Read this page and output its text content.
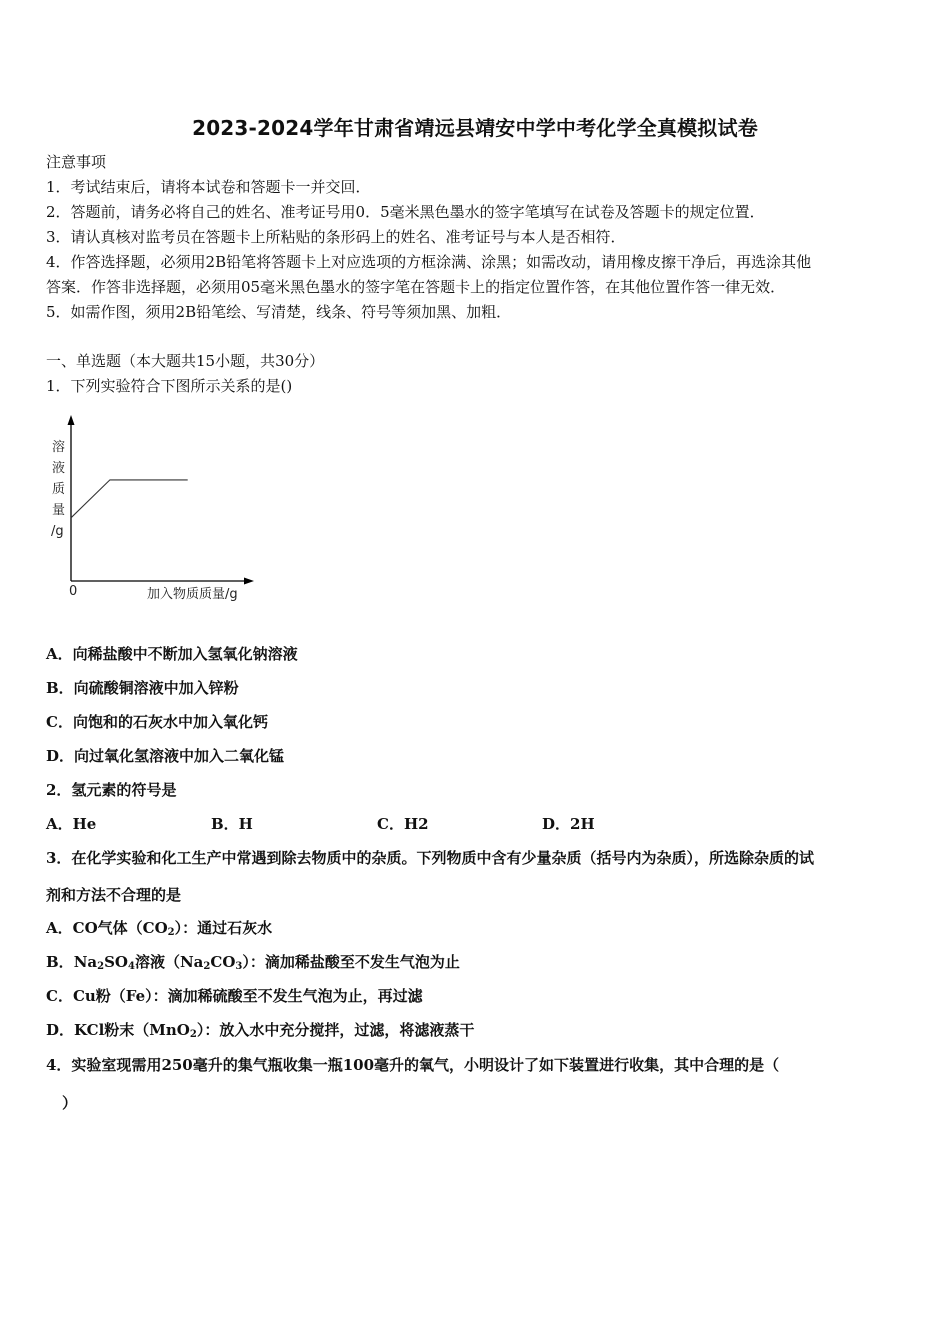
2023-2024学年甘肃省靖远县靖安中学中考化学全真模拟试卷
注意事项
1．考试结束后，请将本试卷和答题卡一并交回．
2．答题前，请务必将自己的姓名、准考证号用0．5毫米黑色墨水的签字笔填写在试卷及答题卡的规定位置．
3．请认真核对监考员在答题卡上所粘贴的条形码上的姓名、准考证号与本人是否相符．
4．作答选择题，必须用2B铅笔将答题卡上对应选项的方框涂满、涂黑；如需改动，请用橡皮擦干净后，再选涂其他
答案．作答非选择题，必须用05毫米黑色墨水的签字笔在答题卡上的指定位置作答，在其他位置作答一律无效．
5．如需作图，须用2B铅笔绘、写清楚，线条、符号等须加黑、加粗．
一、单选题（本大题共15小题，共30分）
1．下列实验符合下图所示关系的是()
溶
液
质
量
/g
0	加入物质质量/g
A．向稀盐酸中不断加入氢氧化钠溶液
B．向硫酸铜溶液中加入锌粉
C．向饱和的石灰水中加入氧化钙
D．向过氧化氢溶液中加入二氧化锰
2．氢元素的符号是
A．He	B．H	C．H2	D．2H
3．在化学实验和化工生产中常遇到除去物质中的杂质。下列物质中含有少量杂质（括号内为杂质），所选除杂质的试
剂和方法不合理的是
A．CO气体$(CO_2)$：通过石灰水
B．$Na_2SO_4$溶液$(Na_2CO_3)$：滴加稀盐酸至不发生气泡为止
C．Cu粉（Fe）：滴加稀硫酸至不发生气泡为止，再过滤
D．KCl粉末（MnO$_2$）：放入水中充分搅拌，过滤，将滤液蒸干
4．实验室现需用250毫升的集气瓶收集一瓶100毫升的氧气，小明设计了如下装置进行收集，其中合理的是（
）
